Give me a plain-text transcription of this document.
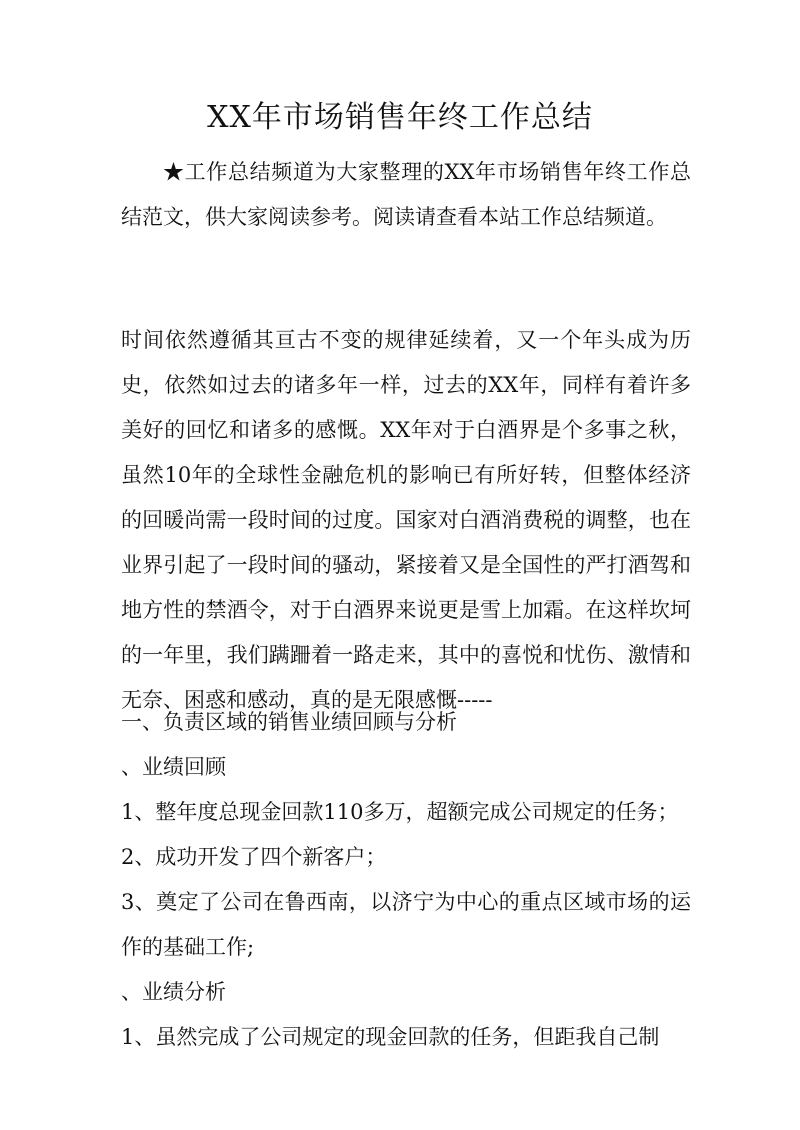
XX年市场销售年终工作总结

★工作总结频道为大家整理的XX年市场销售年终工作总结范文，供大家阅读参考。阅读请查看本站工作总结频道。

时间依然遵循其亘古不变的规律延续着，又一个年头成为历史，依然如过去的诸多年一样，过去的XX年，同样有着许多美好的回忆和诸多的感慨。XX年对于白酒界是个多事之秋，虽然10年的全球性金融危机的影响已有所好转，但整体经济的回暖尚需一段时间的过度。国家对白酒消费税的调整，也在业界引起了一段时间的骚动，紧接着又是全国性的严打酒驾和地方性的禁酒令，对于白酒界来说更是雪上加霜。在这样坎坷的一年里，我们蹒跚着一路走来，其中的喜悦和忧伤、激情和无奈、困惑和感动，真的是无限感慨-----

一、负责区域的销售业绩回顾与分析

、业绩回顾

1、整年度总现金回款110多万，超额完成公司规定的任务；

2、成功开发了四个新客户；

3、奠定了公司在鲁西南，以济宁为中心的重点区域市场的运作的基础工作;

、业绩分析

1、虽然完成了公司规定的现金回款的任务，但距我自己制
